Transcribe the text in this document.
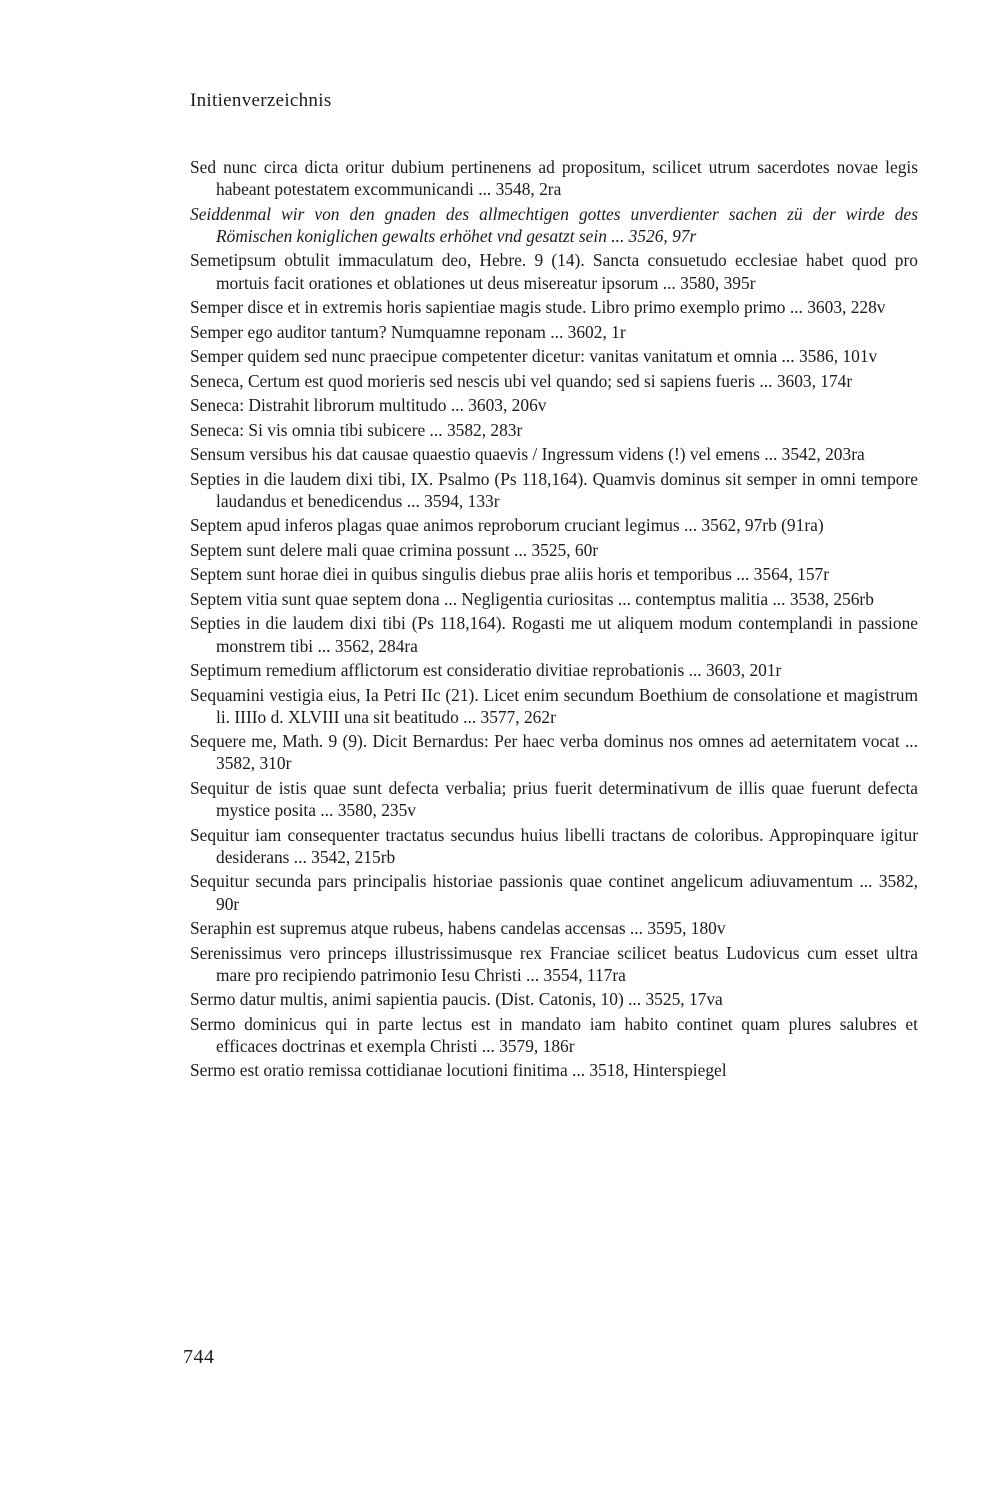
Initienverzeichnis

Sed nunc circa dicta oritur dubium pertinenens ad propositum, scilicet utrum sacerdotes novae legis habeant potestatem excommunicandi ... 3548, 2ra

Seiddenmal wir von den gnaden des allmechtigen gottes unverdienter sachen zü der wirde des Römischen koniglichen gewalts erhöhet vnd gesatzt sein ... 3526, 97r

Semetipsum obtulit immaculatum deo, Hebre. 9 (14). Sancta consuetudo ecclesiae habet quod pro mortuis facit orationes et oblationes ut deus misereatur ipsorum ... 3580, 395r

Semper disce et in extremis horis sapientiae magis stude. Libro primo exemplo primo ... 3603, 228v

Semper ego auditor tantum? Numquamne reponam ... 3602, 1r

Semper quidem sed nunc praecipue competenter dicetur: vanitas vanitatum et omnia ... 3586, 101v

Seneca, Certum est quod morieris sed nescis ubi vel quando; sed si sapiens fueris ... 3603, 174r

Seneca: Distrahit librorum multitudo ... 3603, 206v

Seneca: Si vis omnia tibi subicere ... 3582, 283r

Sensum versibus his dat causae quaestio quaevis / Ingressum videns (!) vel emens ... 3542, 203ra

Septies in die laudem dixi tibi, IX. Psalmo (Ps 118,164). Quamvis dominus sit semper in omni tempore laudandus et benedicendus ... 3594, 133r

Septem apud inferos plagas quae animos reproborum cruciant legimus ... 3562, 97rb (91ra)

Septem sunt delere mali quae crimina possunt ... 3525, 60r

Septem sunt horae diei in quibus singulis diebus prae aliis horis et temporibus ... 3564, 157r

Septem vitia sunt quae septem dona ... Negligentia curiositas ... contemptus malitia ... 3538, 256rb

Septies in die laudem dixi tibi (Ps 118,164). Rogasti me ut aliquem modum contemplandi in passione monstrem tibi ... 3562, 284ra

Septimum remedium afflictorum est consideratio divitiae reprobationis ... 3603, 201r

Sequamini vestigia eius, Ia Petri IIc (21). Licet enim secundum Boethium de consolatione et magistrum li. IIIIo d. XLVIII una sit beatitudo ... 3577, 262r

Sequere me, Math. 9 (9). Dicit Bernardus: Per haec verba dominus nos omnes ad aeternitatem vocat ... 3582, 310r

Sequitur de istis quae sunt defecta verbalia; prius fuerit determinativum de illis quae fuerunt defecta mystice posita ... 3580, 235v

Sequitur iam consequenter tractatus secundus huius libelli tractans de coloribus. Appropinquare igitur desiderans ... 3542, 215rb

Sequitur secunda pars principalis historiae passionis quae continet angelicum adiuvamentum ... 3582, 90r

Seraphin est supremus atque rubeus, habens candelas accensas ... 3595, 180v

Serenissimus vero princeps illustrissimusque rex Franciae scilicet beatus Ludovicus cum esset ultra mare pro recipiendo patrimonio Iesu Christi ... 3554, 117ra

Sermo datur multis, animi sapientia paucis. (Dist. Catonis, 10) ... 3525, 17va

Sermo dominicus qui in parte lectus est in mandato iam habito continet quam plures salubres et efficaces doctrinas et exempla Christi ... 3579, 186r

Sermo est oratio remissa cottidianae locutioni finitima ... 3518, Hinterspiegel

744
